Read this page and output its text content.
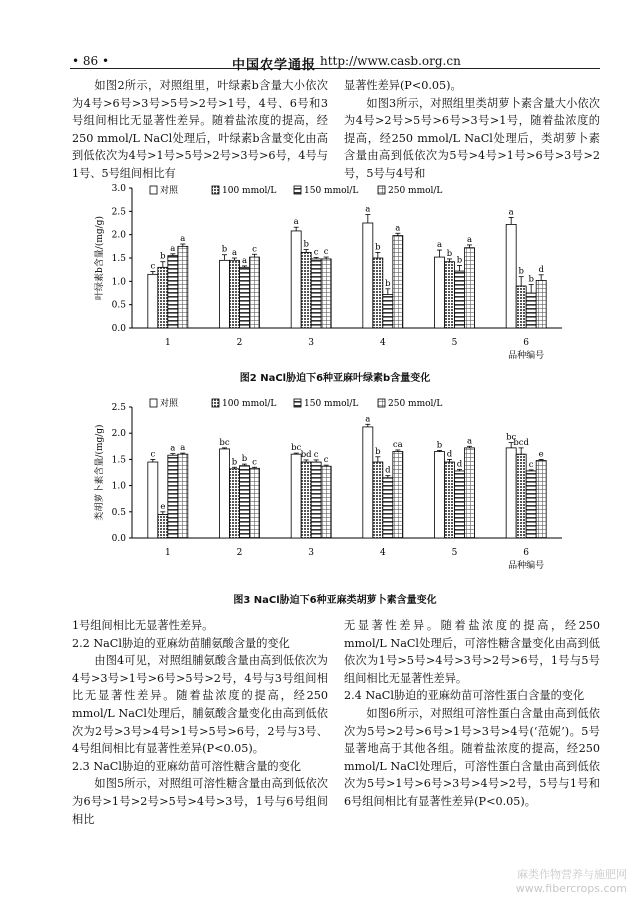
• 86 •	中国农学通报 http://www.casb.org.cn

如图2所示，对照组里，叶绿素b含量大小依次为4号>6号>3号>5号>2号>1号，4号、6号和3号组间相比无显著性差异。随着盐浓度的提高，经250 mmol/L NaCl处理后，叶绿素b含量变化由高到低依次为4号>1号>5号>2号>3号>6号，4号与1号、5号组间相比有

显著性差异(P<0.05)。

如图3所示，对照组里类胡萝卜素含量大小依次为4号>2号>5号>6号>3号>1号，随着盐浓度的提高，经250 mmol/L NaCl处理后，类胡萝卜素含量由高到低依次为5号>4号>1号>6号>3号>2号，5号与4号和

0.0
0.5
1.0
1.5
2.0
2.5
3.0
叶绿素b含量/(mg/g)
对照	100 mmol/L	150 mmol/L	250 mmol/L
c
b
a
a
1
b a
a
c
2
a
b
c c
3
a
b
b
a
4
a
b
b
a
5
a
b
b
d
6
品种编号
图2 NaCl胁迫下6种亚麻叶绿素b含量变化
0.0
0.5
1.0
1.5
2.0
2.5
类胡萝卜素含量/(mg/g)
对照	100 mmol/L	150 mmol/L	250 mmol/L
c
e
a a
1
bc
b b c
2
bc
bd c
c
3
a
b
d
ca
4
b
d
d
a
5
bc
bcd
c
e
6
品种编号
图3 NaCl胁迫下6种亚麻类胡萝卜素含量变化

1号组间相比无显著性差异。

2.2 NaCl胁迫的亚麻幼苗脯氨酸含量的变化

由图4可见，对照组脯氨酸含量由高到低依次为4号>3号>1号>6号>5号>2号，4号与3号组间相比无显著性差异。随着盐浓度的提高，经250 mmol/L NaCl处理后，脯氨酸含量变化由高到低依次为2号>3号>4号>1号>5号>6号，2号与3号、4号组间相比有显著性差异(P<0.05)。

2.3 NaCl胁迫的亚麻幼苗可溶性糖含量的变化

如图5所示，对照组可溶性糖含量由高到低依次为6号>1号>2号>5号>4号>3号，1号与6号组间相比

无显著性差异。随着盐浓度的提高，经250 mmol/L NaCl处理后，可溶性糖含量变化由高到低依次为1号>5号>4号>3号>2号>6号，1号与5号组间相比无显著性差异。

2.4 NaCl胁迫的亚麻幼苗可溶性蛋白含量的变化

如图6所示，对照组可溶性蛋白含量由高到低依次为5号>2号>6号>1号>3号>4号(‘范妮’)。5号显著地高于其他各组。随着盐浓度的提高，经250 mmol/L NaCl处理后，可溶性蛋白含量由高到低依次为5号>1号>6号>3号>4号>2号，5号与1号和6号组间相比有显著性差异(P<0.05)。

麻类作物营养与施肥网
www.fibercrops.com
